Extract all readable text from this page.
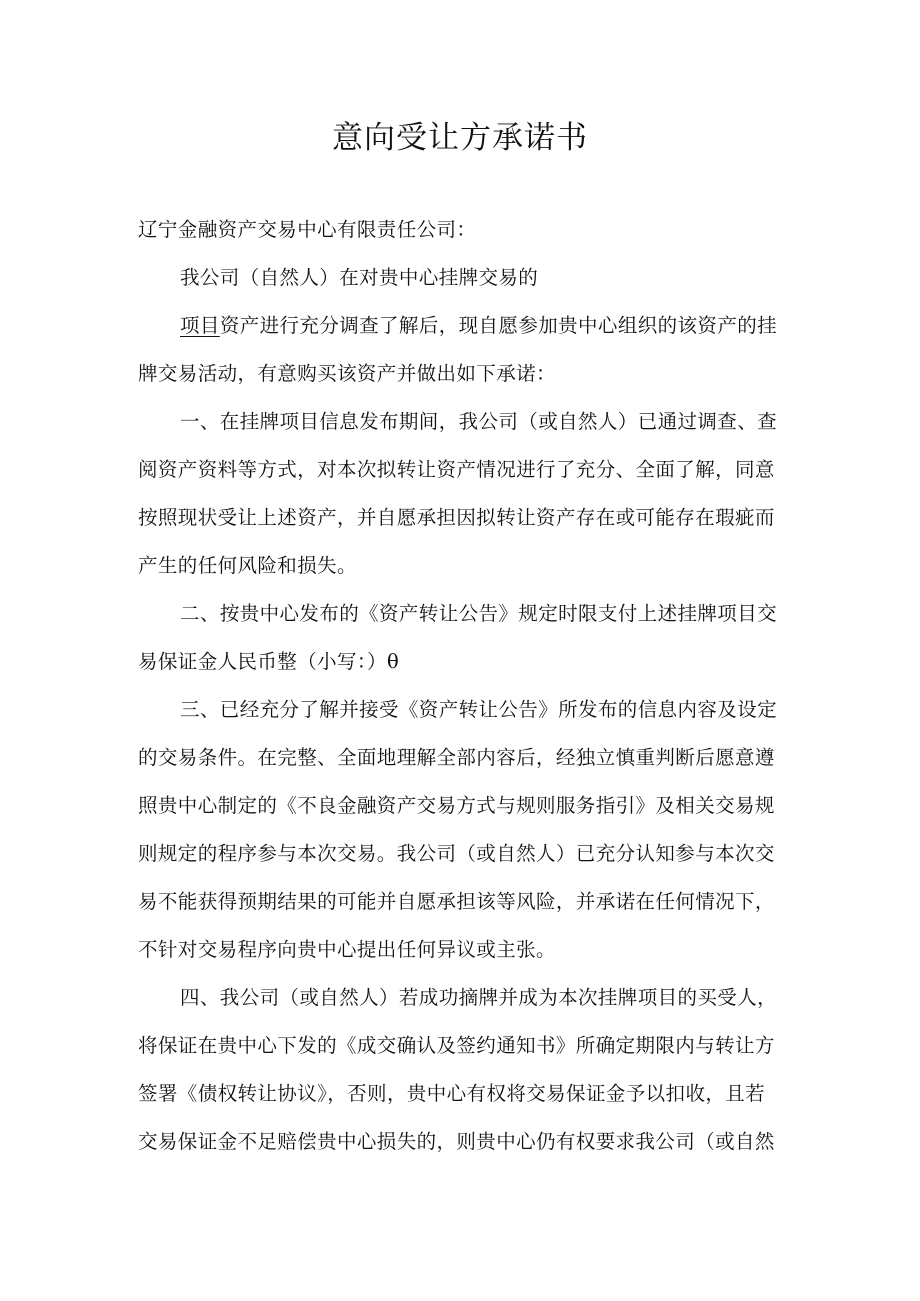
意向受让方承诺书
辽宁金融资产交易中心有限责任公司：
我公司（自然人）在对贵中心挂牌交易的
项目资产进行充分调查了解后，现自愿参加贵中心组织的该资产的挂
牌交易活动，有意购买该资产并做出如下承诺：
一、在挂牌项目信息发布期间，我公司（或自然人）已通过调查、查
阅资产资料等方式，对本次拟转让资产情况进行了充分、全面了解，同意
按照现状受让上述资产，并自愿承担因拟转让资产存在或可能存在瑕疵而
产生的任何风险和损失。
二、按贵中心发布的《资产转让公告》规定时限支付上述挂牌项目交
易保证金人民币整（小写：）θ
三、已经充分了解并接受《资产转让公告》所发布的信息内容及设定
的交易条件。在完整、全面地理解全部内容后，经独立慎重判断后愿意遵
照贵中心制定的《不良金融资产交易方式与规则服务指引》及相关交易规
则规定的程序参与本次交易。我公司（或自然人）已充分认知参与本次交
易不能获得预期结果的可能并自愿承担该等风险，并承诺在任何情况下，
不针对交易程序向贵中心提出任何异议或主张。
四、我公司（或自然人）若成功摘牌并成为本次挂牌项目的买受人，
将保证在贵中心下发的《成交确认及签约通知书》所确定期限内与转让方
签署《债权转让协议》，否则，贵中心有权将交易保证金予以扣收，且若
交易保证金不足赔偿贵中心损失的，则贵中心仍有权要求我公司（或自然
